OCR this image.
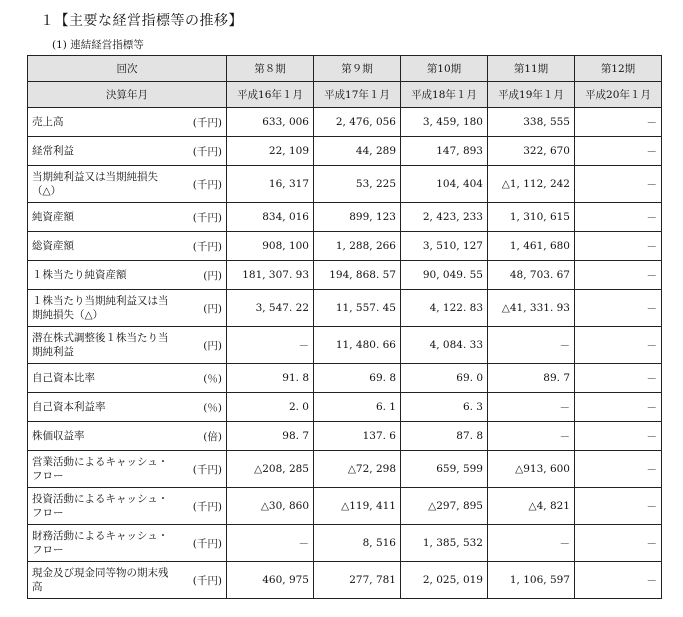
１【主要な経営指標等の推移】
(1) 連結経営指標等
回次		第８期	第９期	第10期	第11期	第12期
決算年月		平成16年１月	平成17年１月	平成18年１月	平成19年１月	平成20年１月
売上高	(千円)	633, 006	2, 476, 056	3, 459, 180	338, 555	－
経常利益	(千円)	22, 109	44, 289	147, 893	322, 670	－
当期純利益又は当期純損失（△）	(千円)	16, 317	53, 225	104, 404	△1, 112, 242	－
純資産額	(千円)	834, 016	899, 123	2, 423, 233	1, 310, 615	－
総資産額	(千円)	908, 100	1, 288, 266	3, 510, 127	1, 461, 680	－
１株当たり純資産額	(円)	181, 307. 93	194, 868. 57	90, 049. 55	48, 703. 67	－
１株当たり当期純利益又は当期純損失（△）	(円)	3, 547. 22	11, 557. 45	4, 122. 83	△41, 331. 93	－
潜在株式調整後１株当たり当期純利益	(円)	－	11, 480. 66	4, 084. 33	－	－
自己資本比率	(％)	91. 8	69. 8	69. 0	89. 7	－
自己資本利益率	(％)	2. 0	6. 1	6. 3	－	－
株価収益率	(倍)	98. 7	137. 6	87. 8	－	－
営業活動によるキャッシュ・フロー	(千円)	△208, 285	△72, 298	659, 599	△913, 600	－
投資活動によるキャッシュ・フロー	(千円)	△30, 860	△119, 411	△297, 895	△4, 821	－
財務活動によるキャッシュ・フロー	(千円)	－	8, 516	1, 385, 532	－	－
現金及び現金同等物の期末残高	(千円)	460, 975	277, 781	2, 025, 019	1, 106, 597	－
